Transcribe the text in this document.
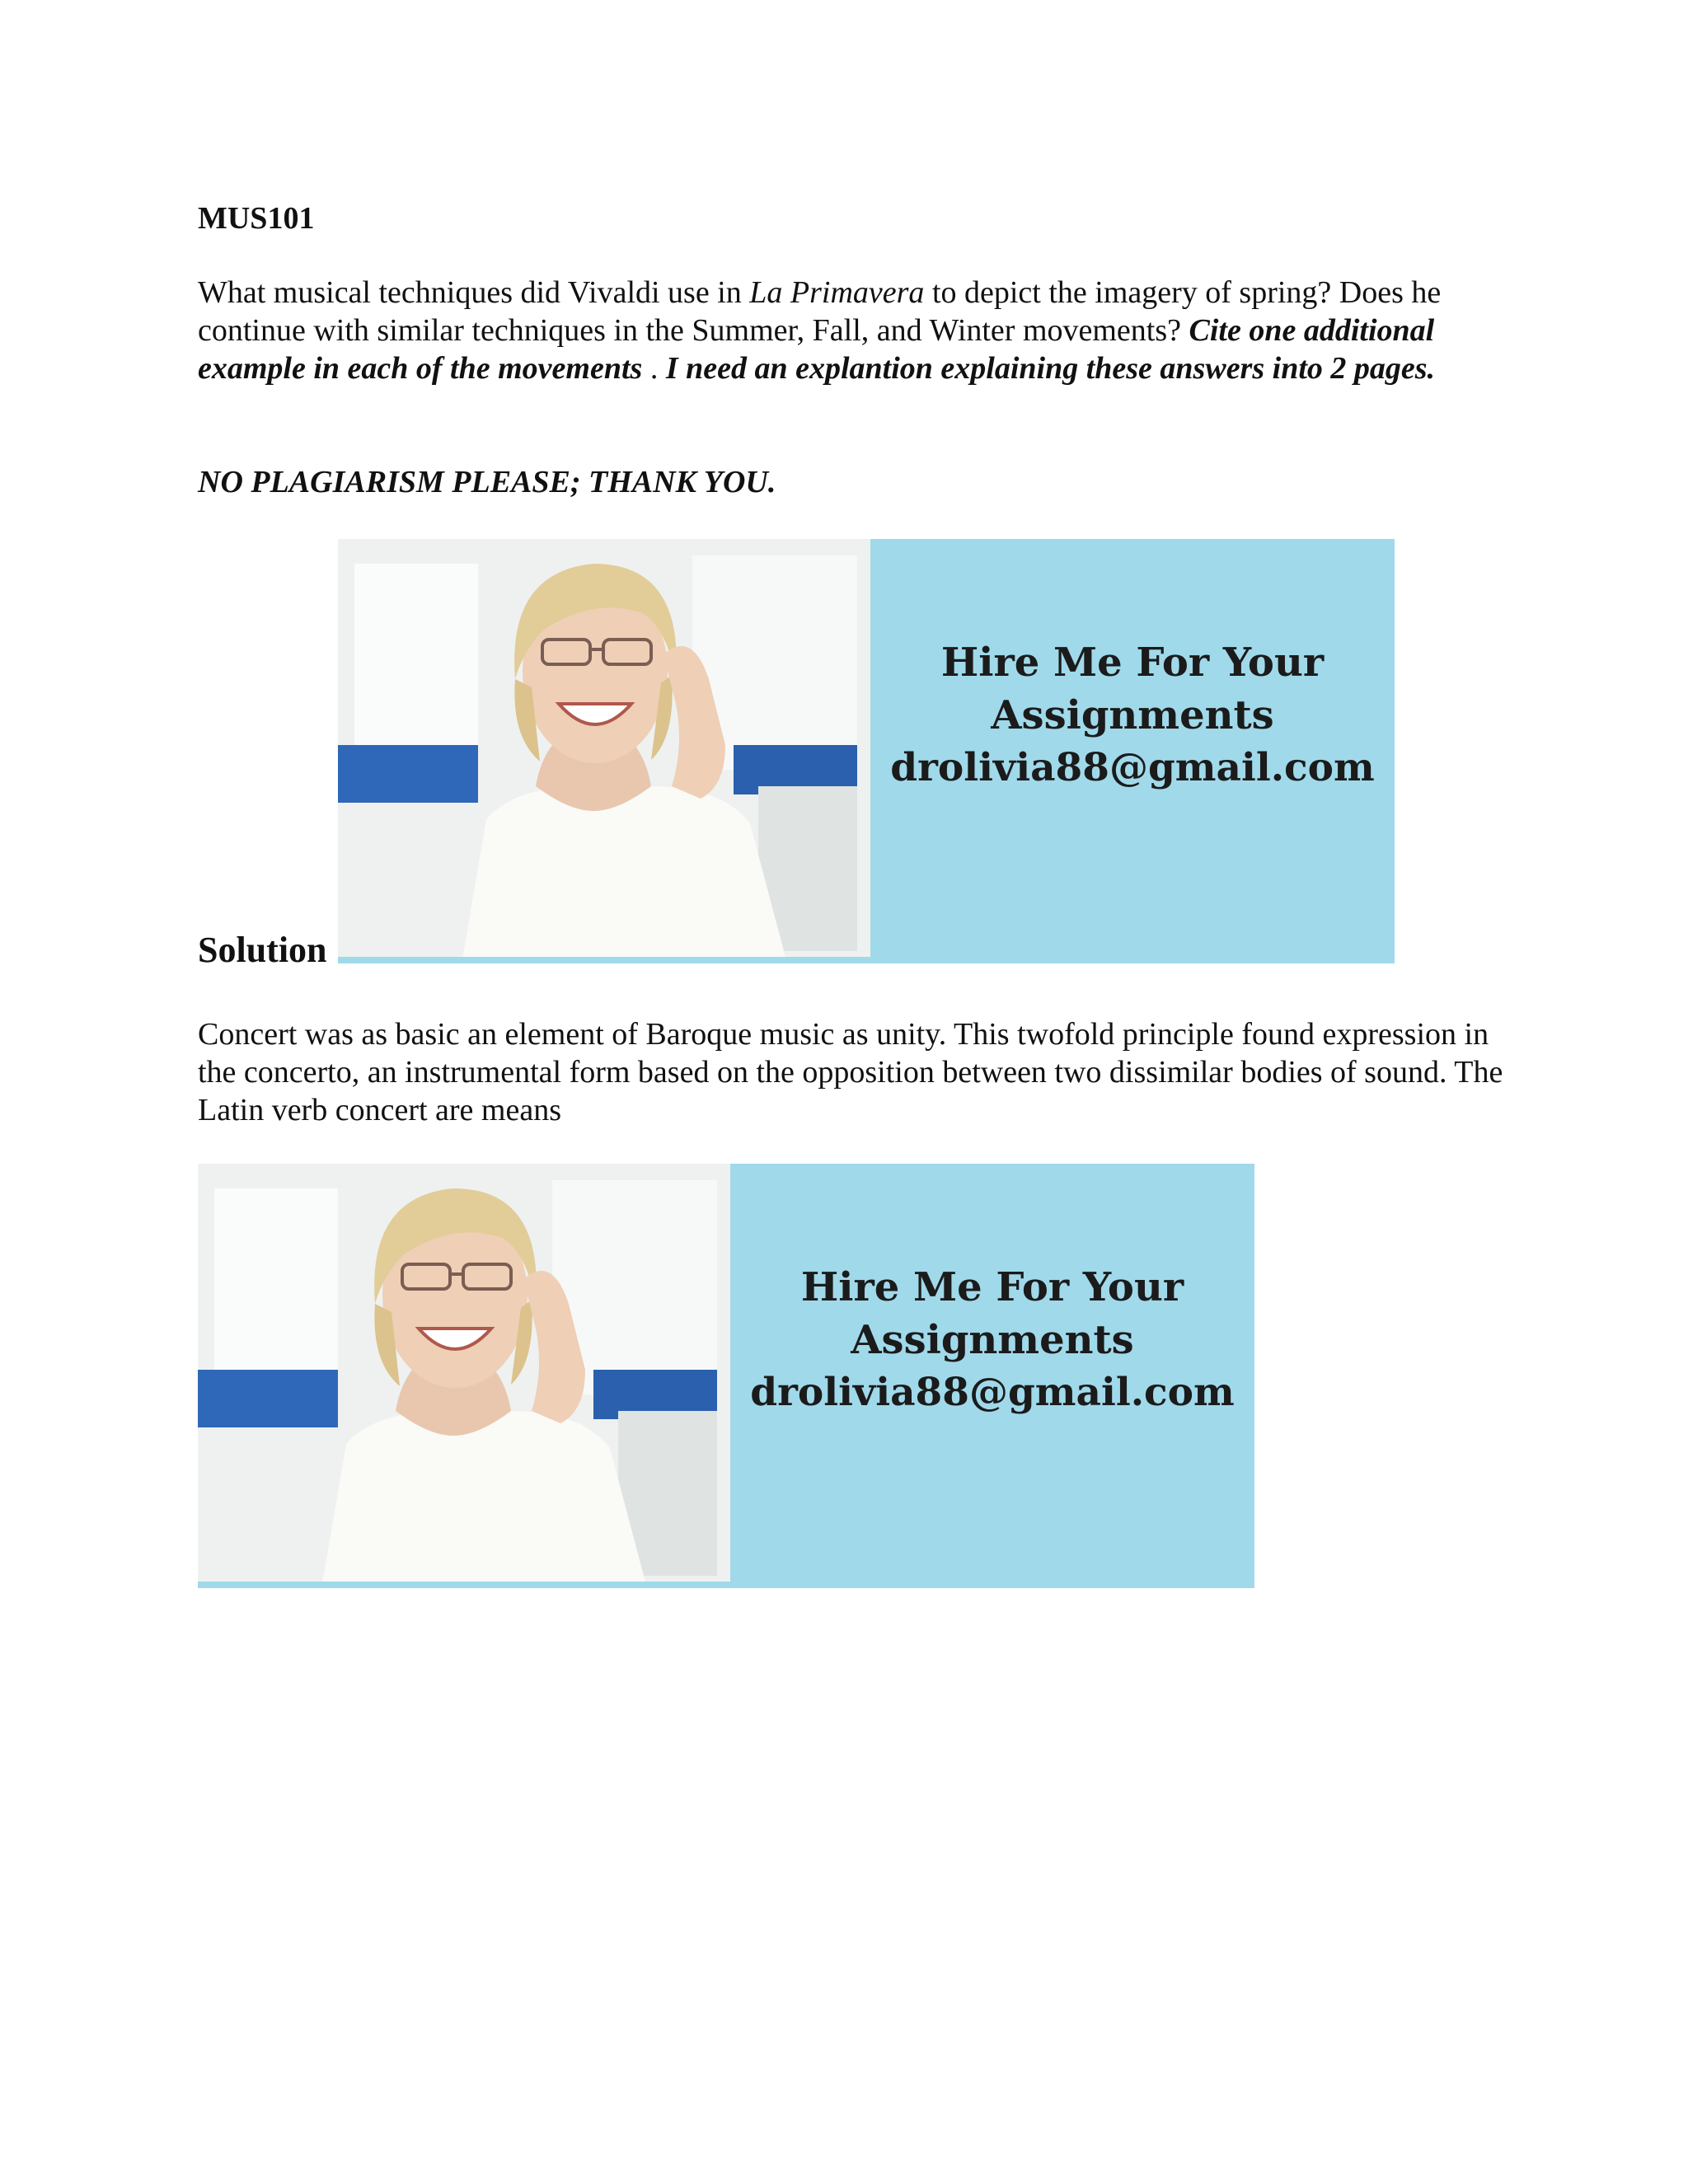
MUS101

What musical techniques did Vivaldi use in La Primavera to depict the imagery of spring? Does he continue with similar techniques in the Summer, Fall, and Winter movements? Cite one additional example in each of the movements . I need an explantion explaining these answers into 2 pages.

NO PLAGIARISM PLEASE; THANK YOU.

Hire Me For Your
Assignments
drolivia88@gmail.com

Solution

Concert was as basic an element of Baroque music as unity. This twofold principle found expression in the concerto, an instrumental form based on the opposition between two dissimilar bodies of sound. The Latin verb concert are means

Hire Me For Your
Assignments
drolivia88@gmail.com
